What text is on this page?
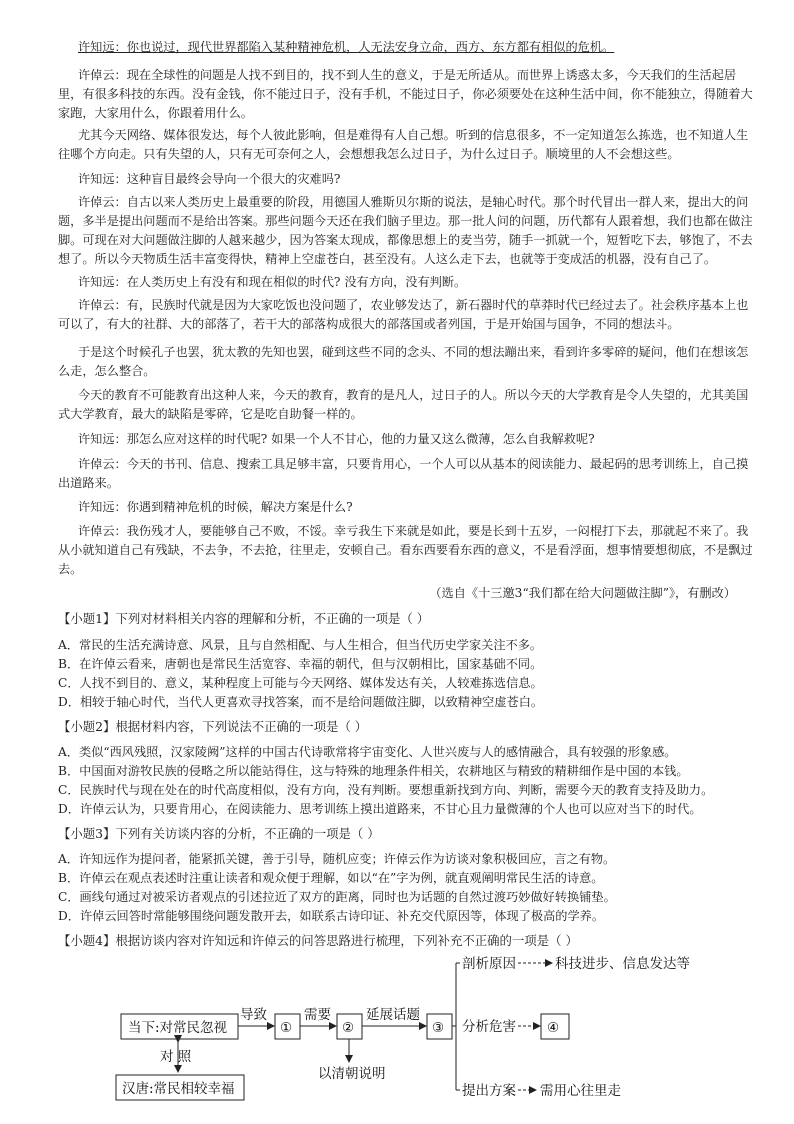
许知远：你也说过，现代世界都陷入某种精神危机，人无法安身立命，西方、东方都有相似的危机。
许倬云：现在全球性的问题是人找不到目的，找不到人生的意义，于是无所适从。而世界上诱惑太多，今天我们的生活起居
里，有很多科技的东西。没有金钱，你不能过日子，没有手机，不能过日子，你必须要处在这种生活中间，你不能独立，得随着大
家跑，大家用什么，你跟着用什么。
尤其今天网络、媒体很发达，每个人彼此影响，但是难得有人自己想。听到的信息很多，不一定知道怎么拣选，也不知道人生
往哪个方向走。只有失望的人，只有无可奈何之人，会想想我怎么过日子，为什么过日子。顺境里的人不会想这些。
许知远：这种盲目最终会导向一个很大的灾难吗?
许倬云：自古以来人类历史上最重要的阶段，用德国人雅斯贝尔斯的说法，是轴心时代。那个时代冒出一群人来，提出大的问
题，多半是提出问题而不是给出答案。那些问题今天还在我们脑子里边。那一批人问的问题，历代都有人跟着想，我们也都在做注
脚。可现在对大问题做注脚的人越来越少，因为答案太现成，都像思想上的麦当劳，随手一抓就一个，短暂吃下去，够饱了，不去
想了。所以今天物质生活丰富变得快，精神上空虚苍白，甚至没有。人这么走下去，也就等于变成活的机器，没有自己了。
许知远：在人类历史上有没有和现在相似的时代? 没有方向，没有判断。
许倬云：有，民族时代就是因为大家吃饭也没问题了，农业够发达了，新石器时代的草莽时代已经过去了。社会秩序基本上也
可以了，有大的社群、大的部落了，若干大的部落构成很大的部落国或者列国，于是开始国与国争，不同的想法斗。
于是这个时候孔子也罢，犹太教的先知也罢，碰到这些不同的念头、不同的想法蹦出来，看到许多零碎的疑问，他们在想该怎
么走，怎么整合。
今天的教育不可能教育出这种人来，今天的教育，教育的是凡人，过日子的人。所以今天的大学教育是令人失望的，尤其美国
式大学教育，最大的缺陷是零碎，它是吃自助餐一样的。
许知远：那怎么应对这样的时代呢? 如果一个人不甘心，他的力量又这么微薄，怎么自我解救呢?
许倬云：今天的书刊、信息、搜索工具足够丰富，只要肯用心，一个人可以从基本的阅读能力、最起码的思考训练上，自己摸
出道路来。
许知远：你遇到精神危机的时候，解决方案是什么?
许倬云：我伤残才人，要能够自己不败，不馁。幸亏我生下来就是如此，要是长到十五岁，一闷棍打下去，那就起不来了。我
从小就知道自己有残缺，不去争，不去抢，往里走，安顿自己。看东西要看东西的意义，不是看浮面，想事情要想彻底，不是飘过
去。
（选自《十三邀3“我们都在给大问题做注脚”》，有删改）
【小题1】下列对材料相关内容的理解和分析，不正确的一项是（ ）
A．常民的生活充满诗意、风景，且与自然相配、与人生相合，但当代历史学家关注不多。
B．在许倬云看来，唐朝也是常民生活宽容、幸福的朝代，但与汉朝相比，国家基础不同。
C．人找不到目的、意义，某种程度上可能与今天网络、媒体发达有关，人较难拣选信息。
D．相较于轴心时代，当代人更喜欢寻找答案，而不是给问题做注脚，以致精神空虚苍白。
【小题2】根据材料内容，下列说法不正确的一项是（ ）
A．类似“西风残照，汉家陵阙”这样的中国古代诗歌常将宇宙变化、人世兴废与人的感情融合，具有较强的形象感。
B．中国面对游牧民族的侵略之所以能站得住，这与特殊的地理条件相关，农耕地区与精致的精耕细作是中国的本钱。
C．民族时代与现在处在的时代高度相似，没有方向，没有判断。要想重新找到方向、判断，需要今天的教育支持及助力。
D．许倬云认为，只要肯用心，在阅读能力、思考训练上摸出道路来，不甘心且力量微薄的个人也可以应对当下的时代。
【小题3】下列有关访谈内容的分析，不正确的一项是（ ）
A．许知远作为提问者，能紧抓关键，善于引导，随机应变；许倬云作为访谈对象积极回应，言之有物。
B．许倬云在观点表述时注重让读者和观众便于理解，如以“在”字为例，就直观阐明常民生活的诗意。
C．画线句通过对被采访者观点的引述拉近了双方的距离，同时也为话题的自然过渡巧妙做好转换铺垫。
D．许倬云回答时常能够围绕问题发散开去，如联系古诗印证、补充交代原因等，体现了极高的学养。
【小题4】根据访谈内容对许知远和许倬云的问答思路进行梳理，下列补充不正确的一项是（ ）
当下:对常民忽视
导致
①
需要
②
以清朝说明
延展话题
③
剖析原因	科技进步、信息发达等
分析危害 ④
提出方案 需用心往里走
对 照
汉唐:常民相较幸福
